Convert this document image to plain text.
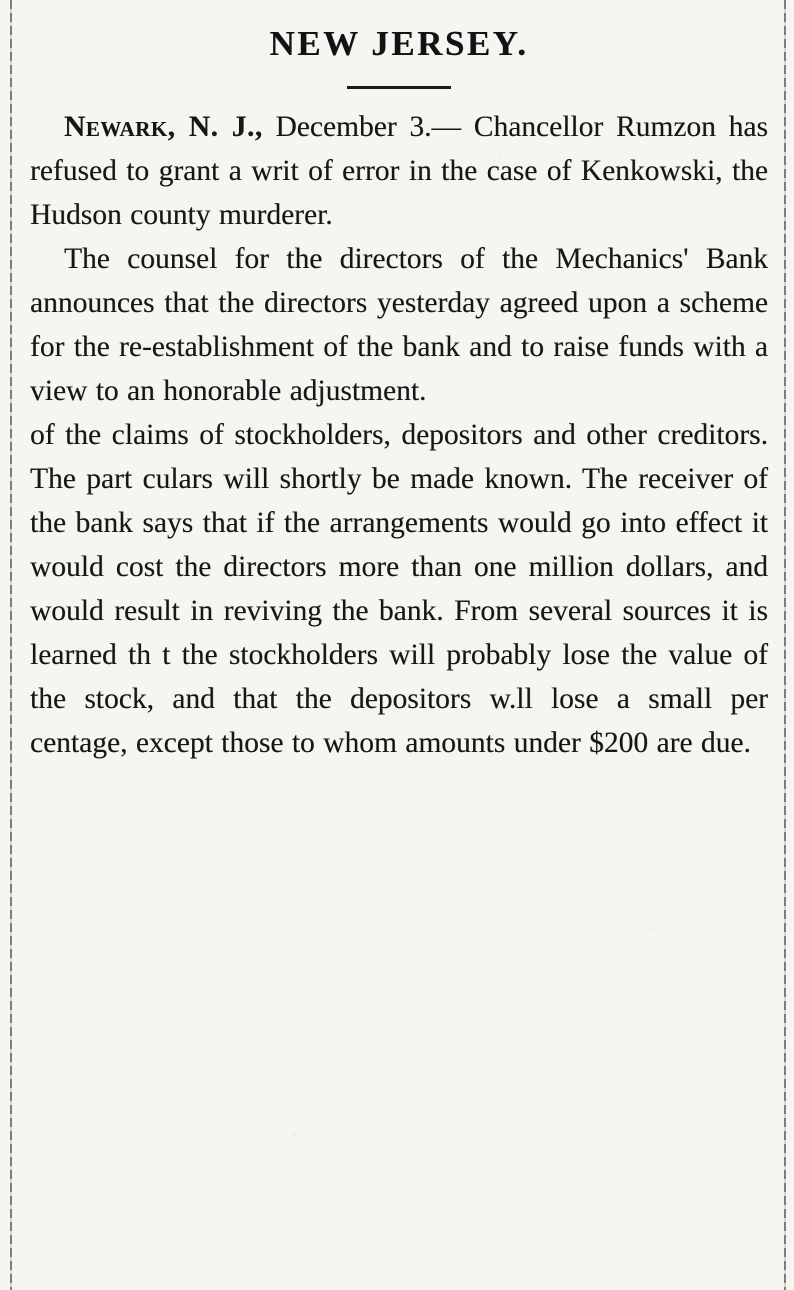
NEW JERSEY.

Newark, N. J., December 3.— Chancellor Rumzon has refused to grant a writ of error in the case of Kenkowski, the Hudson county murderer.

The counsel for the directors of the Mechanics' Bank announces that the directors yesterday agreed upon a scheme for the re-establishment of the bank and to raise funds with a view to an honorable adjustment.

of the claims of stockholders, depositors and other creditors. The part culars will shortly be made known. The receiver of the bank says that if the arrangements would go into effect it would cost the directors more than one million dollars, and would result in reviving the bank. From several sources it is learned th t the stockholders will probably lose the value of the stock, and that the depositors w.ll lose a small per centage, except those to whom amounts under $200 are due.
